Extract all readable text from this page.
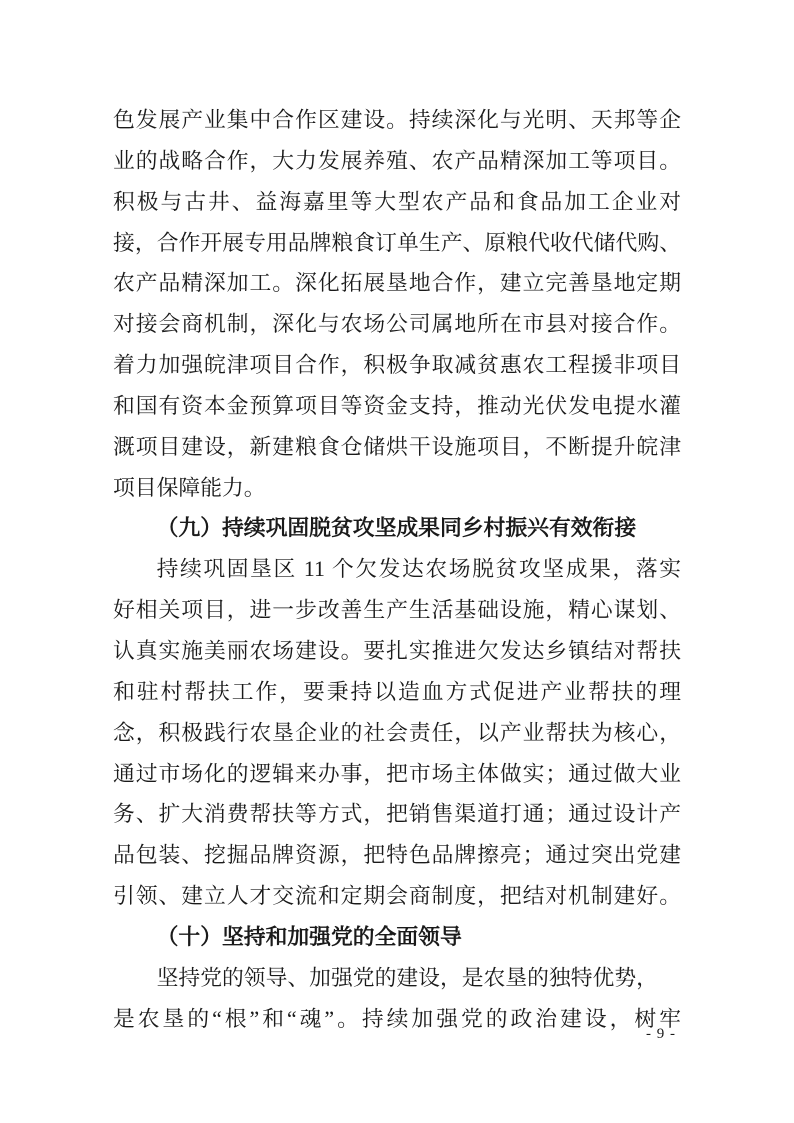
色发展产业集中合作区建设。持续深化与光明、天邦等企
业的战略合作，大力发展养殖、农产品精深加工等项目。
积极与古井、益海嘉里等大型农产品和食品加工企业对
接，合作开展专用品牌粮食订单生产、原粮代收代储代购、
农产品精深加工。深化拓展垦地合作，建立完善垦地定期
对接会商机制，深化与农场公司属地所在市县对接合作。
着力加强皖津项目合作，积极争取减贫惠农工程援非项目
和国有资本金预算项目等资金支持，推动光伏发电提水灌
溉项目建设，新建粮食仓储烘干设施项目，不断提升皖津
项目保障能力。
（九）持续巩固脱贫攻坚成果同乡村振兴有效衔接
持续巩固垦区 11 个欠发达农场脱贫攻坚成果，落实
好相关项目，进一步改善生产生活基础设施，精心谋划、
认真实施美丽农场建设。要扎实推进欠发达乡镇结对帮扶
和驻村帮扶工作，要秉持以造血方式促进产业帮扶的理
念，积极践行农垦企业的社会责任，以产业帮扶为核心，
通过市场化的逻辑来办事，把市场主体做实；通过做大业
务、扩大消费帮扶等方式，把销售渠道打通；通过设计产
品包装、挖掘品牌资源，把特色品牌擦亮；通过突出党建
引领、建立人才交流和定期会商制度，把结对机制建好。
（十）坚持和加强党的全面领导
坚持党的领导、加强党的建设，是农垦的独特优势，
是农垦的“根”和“魂”。持续加强党的政治建设，树牢
- 9 -
